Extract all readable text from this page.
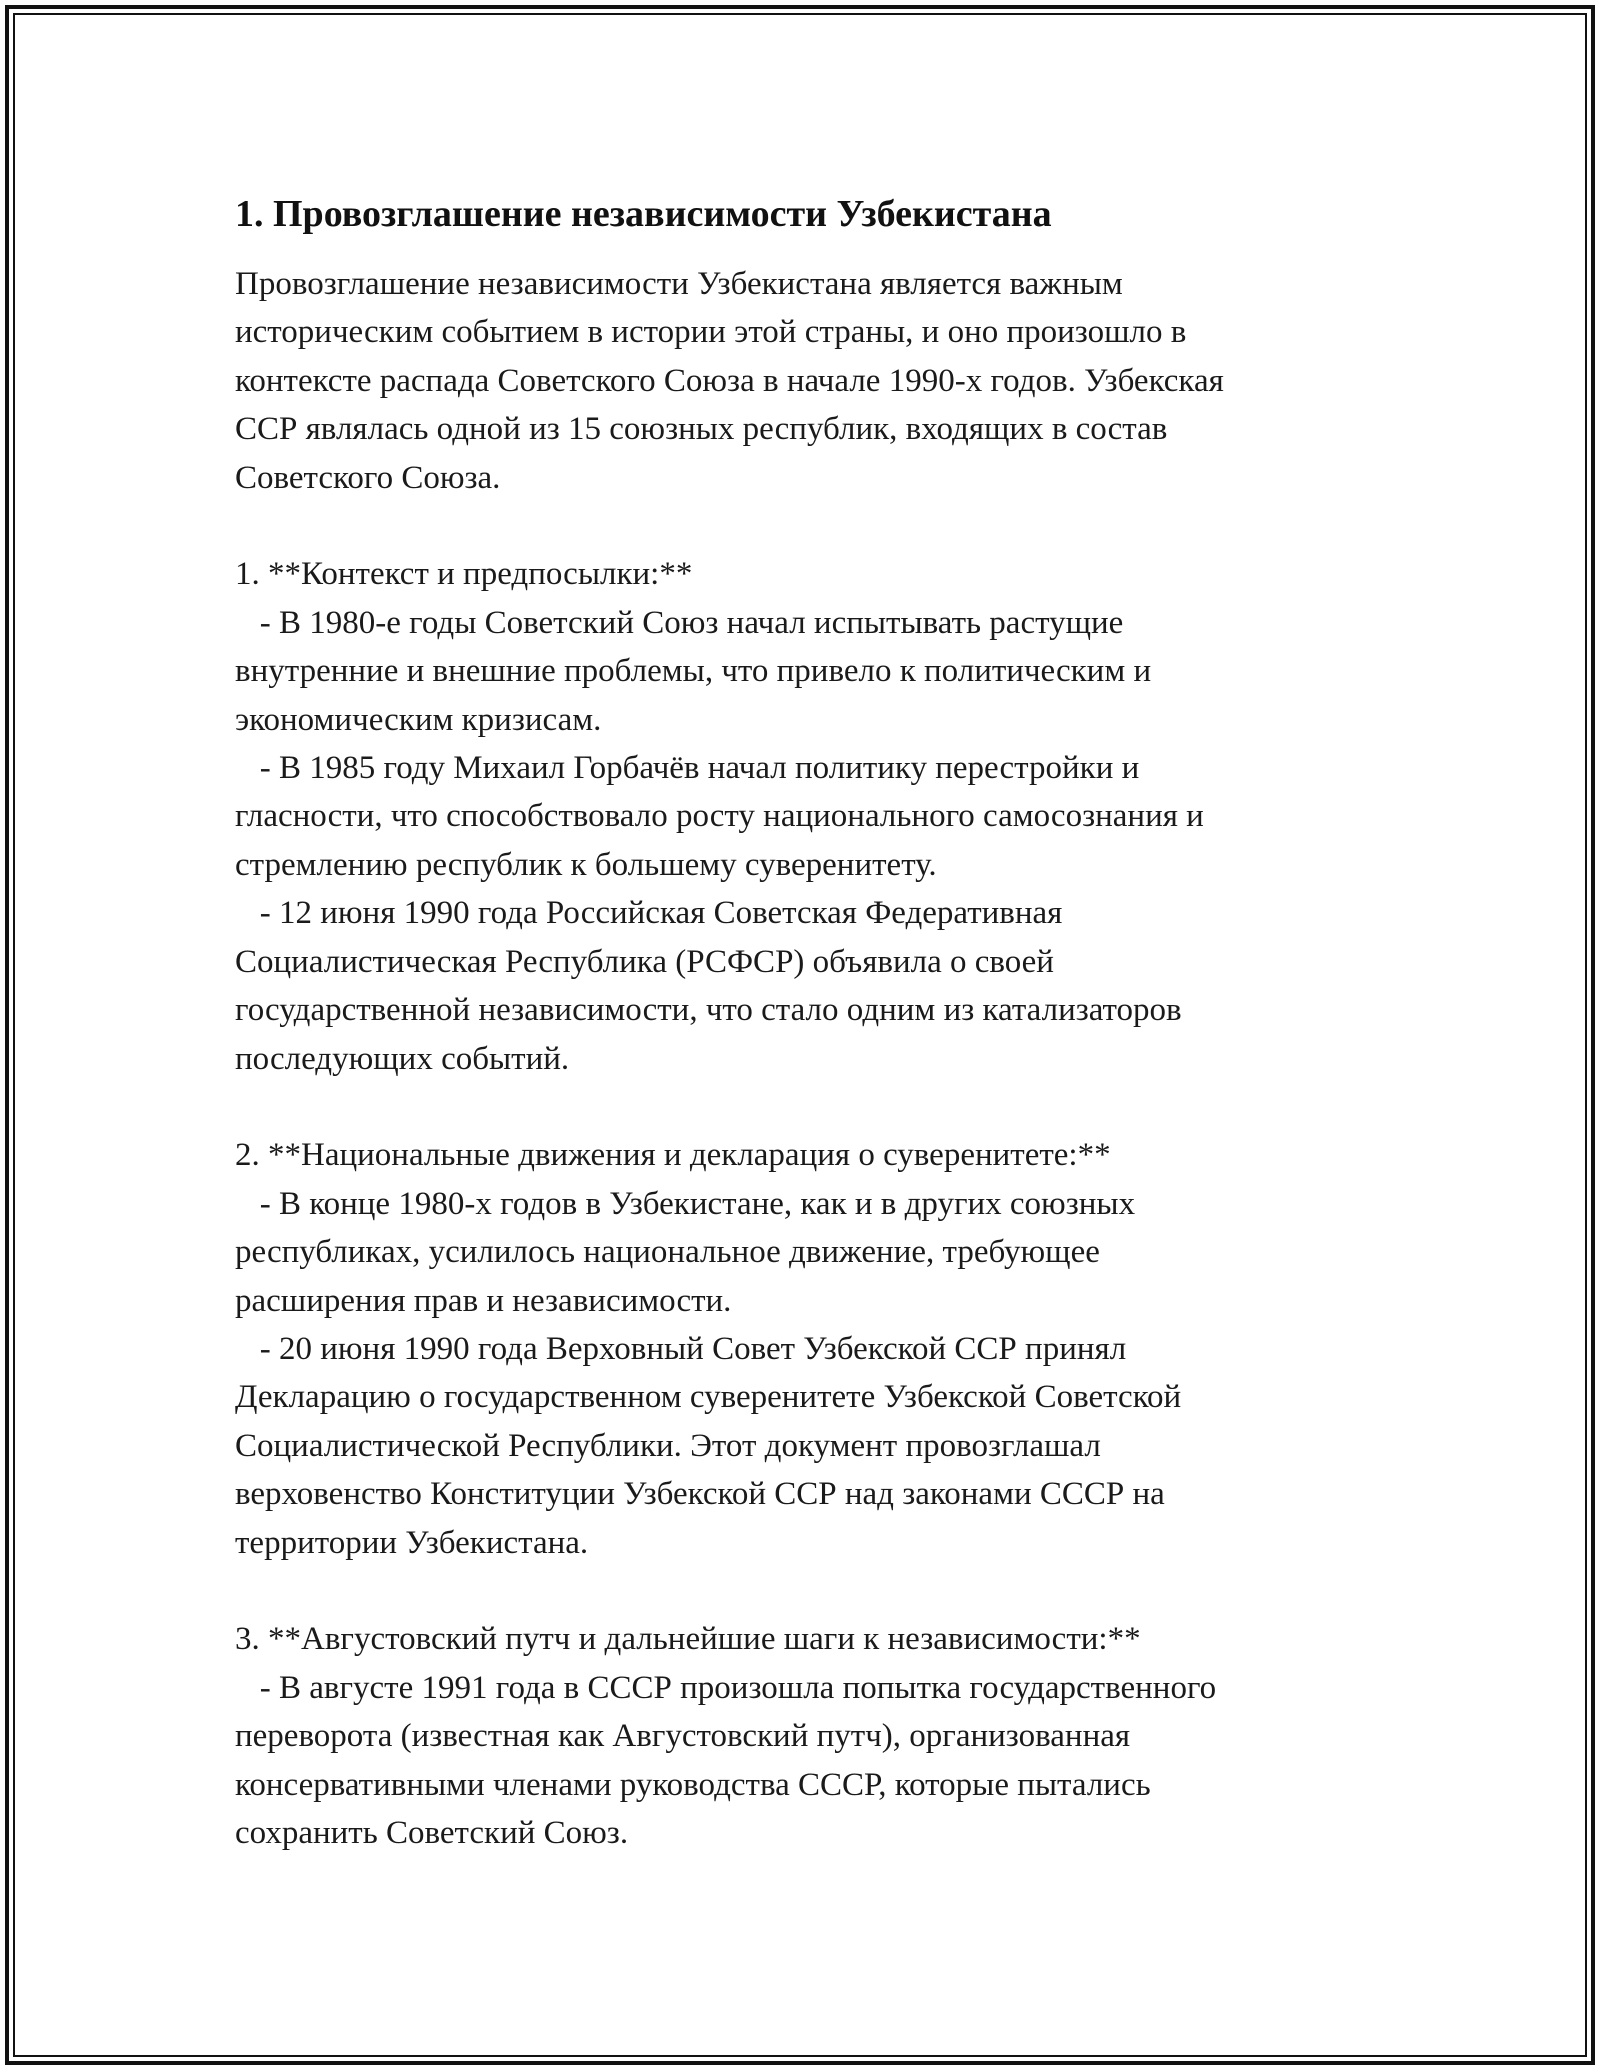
1. Провозглашение независимости Узбекистана
Провозглашение независимости Узбекистана является важным
историческим событием в истории этой страны, и оно произошло в
контексте распада Советского Союза в начале 1990-х годов. Узбекская
ССР являлась одной из 15 союзных республик, входящих в состав
Советского Союза.

1. **Контекст и предпосылки:**
- В 1980-е годы Советский Союз начал испытывать растущие
внутренние и внешние проблемы, что привело к политическим и
экономическим кризисам.
- В 1985 году Михаил Горбачёв начал политику перестройки и
гласности, что способствовало росту национального самосознания и
стремлению республик к большему суверенитету.
- 12 июня 1990 года Российская Советская Федеративная
Социалистическая Республика (РСФСР) объявила о своей
государственной независимости, что стало одним из катализаторов
последующих событий.

2. **Национальные движения и декларация о суверенитете:**
- В конце 1980-х годов в Узбекистане, как и в других союзных
республиках, усилилось национальное движение, требующее
расширения прав и независимости.
- 20 июня 1990 года Верховный Совет Узбекской ССР принял
Декларацию о государственном суверенитете Узбекской Советской
Социалистической Республики. Этот документ провозглашал
верховенство Конституции Узбекской ССР над законами СССР на
территории Узбекистана.

3. **Августовский путч и дальнейшие шаги к независимости:**
- В августе 1991 года в СССР произошла попытка государственного
переворота (известная как Августовский путч), организованная
консервативными членами руководства СССР, которые пытались
сохранить Советский Союз.
